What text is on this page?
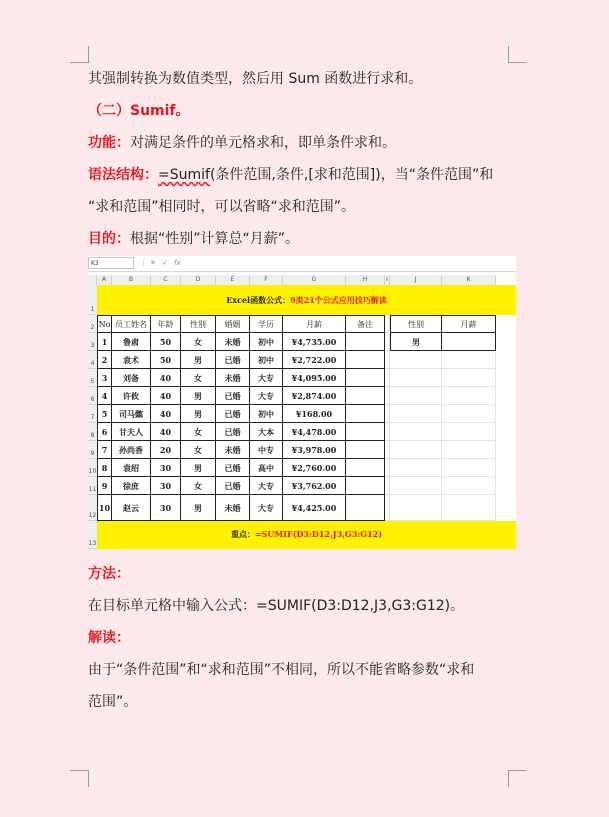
其强制转换为数值类型，然后用 Sum 函数进行求和。
（二）Sumif。
功能：对满足条件的单元格求和，即单条件求和。
语法结构：=Sumif(条件范围,条件,[求和范围])，当“条件范围”和
“求和范围”相同时，可以省略“求和范围”。
目的：根据“性别”计算总“月薪”。
K3	⋮ ✕ ✓ fx
Excel函数公式：9类21个公式应用技巧解读
重点：=SUMIF(D3:D12,J3,G3:G12)
A	B	C	D	E	F	G	H	I	J	K
1
2
3
4
5
6
7
8
9
10
11
12
13
No 员工姓名	年龄	性别	婚姻	学历	月薪	备注
1	鲁肃	50	女	未婚	初中	¥4,735.00
2	袁术	50	男	已婚	初中	¥2,722.00
3	刘备	40	女	未婚	大专	¥4,095.00
4	许攸	40	男	已婚	大专	¥2,874.00
5	司马懿	40	男	已婚	初中	¥168.00
6	甘夫人	40	女	已婚	大本	¥4,478.00
7	孙尚香	20	女	未婚	中专	¥3,978.00
8	袁绍	30	男	已婚	高中	¥2,760.00
9	徐庶	30	女	已婚	大专	¥3,762.00
10	赵云	30	男	未婚	大专	¥4,425.00
性别	月薪
男
方法：
在目标单元格中输入公式：=SUMIF(D3:D12,J3,G3:G12)。
解读：
由于“条件范围”和“求和范围”不相同，所以不能省略参数“求和
范围”。
